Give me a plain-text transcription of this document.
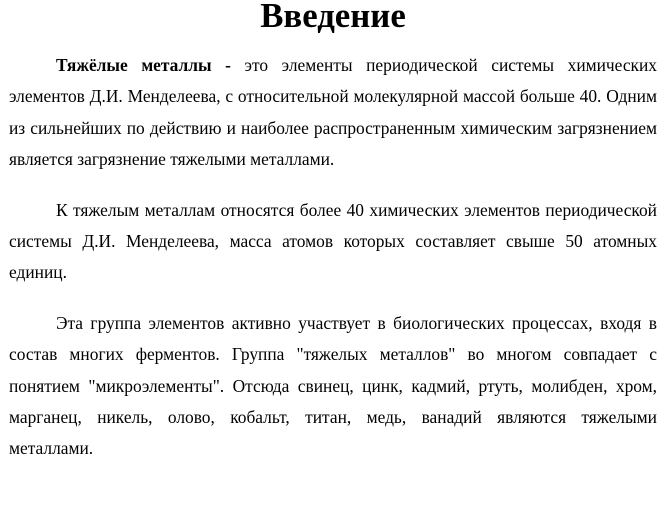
Введение

Тяжёлые металлы - это элементы периодической системы химических элементов Д.И. Менделеева, с относительной молекулярной массой больше 40. Одним из сильнейших по действию и наиболее распространенным химическим загрязнением является загрязнение тяжелыми металлами.

К тяжелым металлам относятся более 40 химических элементов периодической системы Д.И. Менделеева, масса атомов которых составляет свыше 50 атомных единиц.

Эта группа элементов активно участвует в биологических процессах, входя в состав многих ферментов. Группа "тяжелых металлов" во многом совпадает с понятием "микроэлементы". Отсюда свинец, цинк, кадмий, ртуть, молибден, хром, марганец, никель, олово, кобальт, титан, медь, ванадий являются тяжелыми металлами.
